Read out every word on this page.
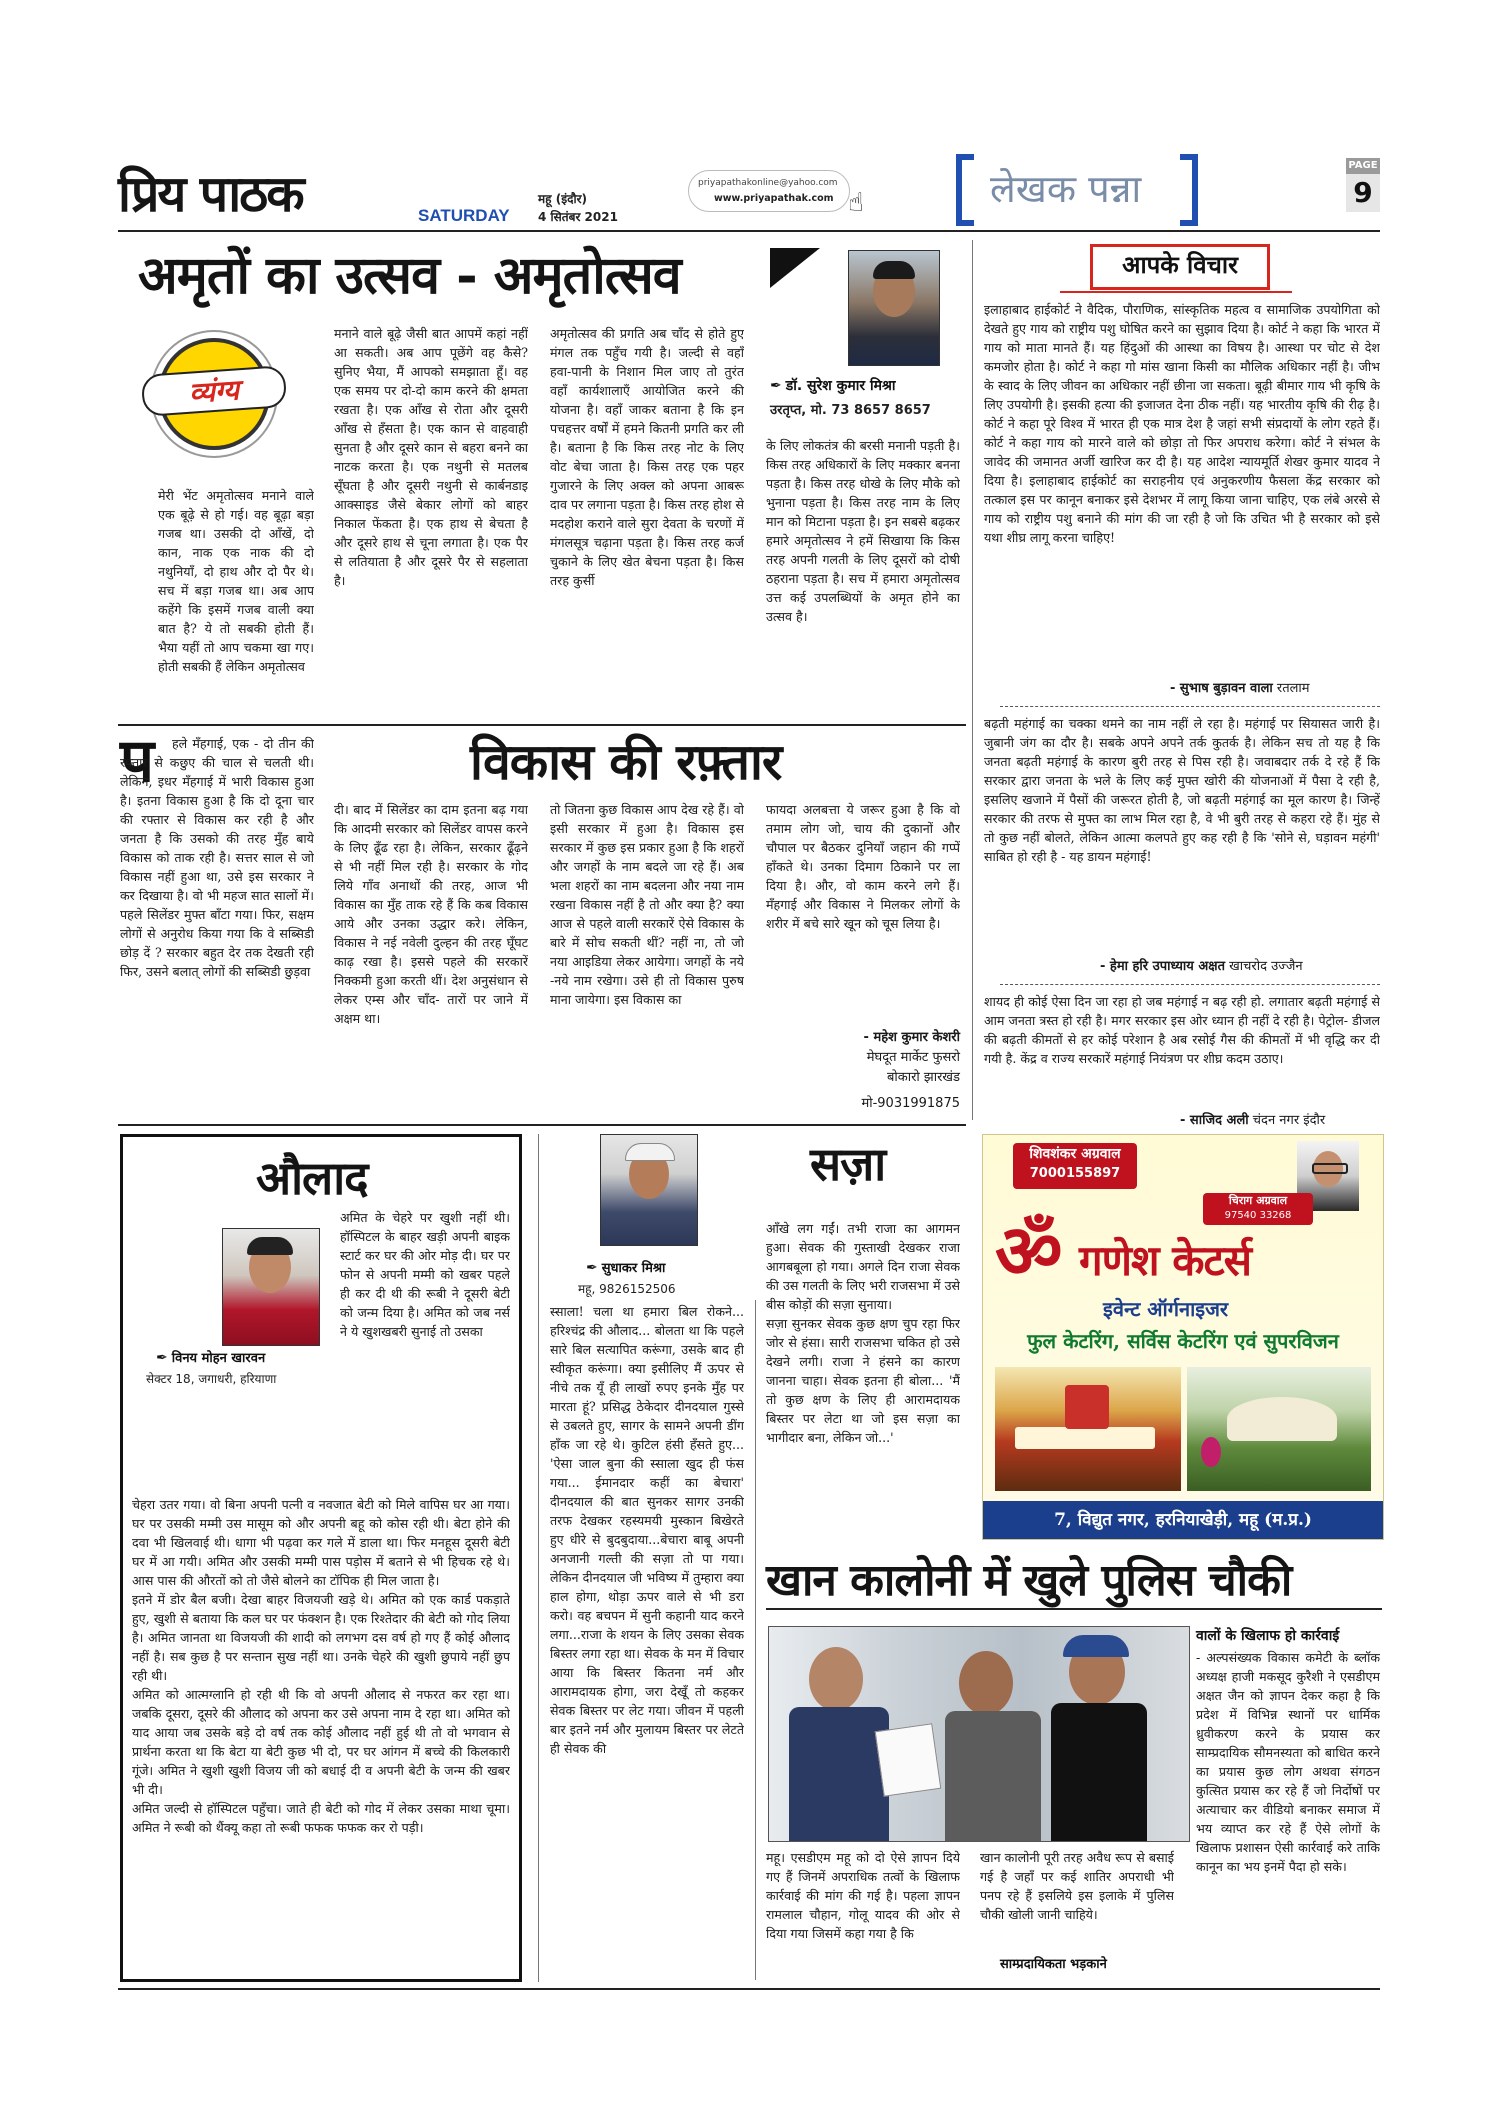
प्रिय पाठक	SATURDAY
महू (इंदौर)
4 सितंबर 2021
priyapathakonline@yahoo.com
www.priyapathak.com ☝	लेखक पन्ना
PAGE
9
अमृतों का उत्सव - अमृतोत्सव
व्यंग्य

मेरी भेंट अमृतोत्सव मनाने वाले एक बूढ़े से हो गई। वह बूढ़ा बड़ा गजब था। उसकी दो आँखें, दो कान, नाक एक नाक की दो नथुनियाँ, दो हाथ और दो पैर थे। सच में बड़ा गजब था। अब आप कहेंगे कि इसमें गजब वाली क्या बात है? ये तो सबकी होती हैं। भैया यहीं तो आप चकमा खा गए। होती सबकी हैं लेकिन अमृतोत्सव

मनाने वाले बूढ़े जैसी बात आपमें कहां नहीं आ सकती। अब आप पूछेंगे वह कैसे? सुनिए भैया, मैं आपको समझाता हूँ। वह एक समय पर दो-दो काम करने की क्षमता रखता है। एक आँख से रोता और दूसरी आँख से हँसता है। एक कान से वाहवाही सुनता है और दूसरे कान से बहरा बनने का नाटक करता है। एक नथुनी से मतलब सूँघता है और दूसरी नथुनी से कार्बनडाइ आक्साइड जैसे बेकार लोगों को बाहर निकाल फेंकता है। एक हाथ से बेचता है और दूसरे हाथ से चूना लगाता है। एक पैर से लतियाता है और दूसरे पैर से सहलाता है।

अमृतोत्सव की प्रगति अब चाँद से होते हुए मंगल तक पहुँच गयी है। जल्दी से वहाँ हवा-पानी के निशान मिल जाए तो तुरंत वहाँ कार्यशालाएँ आयोजित करने की योजना है। वहाँ जाकर बताना है कि इन पचहत्तर वर्षों में हमने कितनी प्रगति कर ली है। बताना है कि किस तरह नोट के लिए वोट बेचा जाता है। किस तरह एक पहर गुजारने के लिए अक्ल को अपना आबरू दाव पर लगाना पड़ता है। किस तरह होश से मदहोश कराने वाले सुरा देवता के चरणों में मंगलसूत्र चढ़ाना पड़ता है। किस तरह कर्ज चुकाने के लिए खेत बेचना पड़ता है। किस तरह कुर्सी

✒ डॉ. सुरेश कुमार मिश्रा
उरतृप्त, मो. 73 8657 8657

के लिए लोकतंत्र की बरसी मनानी पड़ती है। किस तरह अधिकारों के लिए मक्कार बनना पड़ता है। किस तरह धोखे के लिए मौके को भुनाना पड़ता है। किस तरह नाम के लिए मान को मिटाना पड़ता है। इन सबसे बढ़कर हमारे अमृतोत्सव ने हमें सिखाया कि किस तरह अपनी गलती के लिए दूसरों को दोषी ठहराना पड़ता है। सच में हमारा अमृतोत्सव उत्त कई उपलब्धियों के अमृत होने का उत्सव है।

आपके विचार

इलाहाबाद हाईकोर्ट ने वैदिक, पौराणिक, सांस्कृतिक महत्व व सामाजिक उपयोगिता को देखते हुए गाय को राष्ट्रीय पशु घोषित करने का सुझाव दिया है। कोर्ट ने कहा कि भारत में गाय को माता मानते हैं। यह हिंदुओं की आस्था का विषय है। आस्था पर चोट से देश कमजोर होता है। कोर्ट ने कहा गो मांस खाना किसी का मौलिक अधिकार नहीं है। जीभ के स्वाद के लिए जीवन का अधिकार नहीं छीना जा सकता। बूढ़ी बीमार गाय भी कृषि के लिए उपयोगी है। इसकी हत्या की इजाजत देना ठीक नहीं। यह भारतीय कृषि की रीढ़ है। कोर्ट ने कहा पूरे विश्व में भारत ही एक मात्र देश है जहां सभी संप्रदायों के लोग रहते हैं। कोर्ट ने कहा गाय को मारने वाले को छोड़ा तो फिर अपराध करेगा। कोर्ट ने संभल के जावेद की जमानत अर्जी खारिज कर दी है। यह आदेश न्यायमूर्ति शेखर कुमार यादव ने दिया है। इलाहाबाद हाईकोर्ट का सराहनीय एवं अनुकरणीय फैसला केंद्र सरकार को तत्काल इस पर कानून बनाकर इसे देशभर में लागू किया जाना चाहिए, एक लंबे अरसे से गाय को राष्ट्रीय पशु बनाने की मांग की जा रही है जो कि उचित भी है सरकार को इसे यथा शीघ्र लागू करना चाहिए!

- सुभाष बुड़ावन वाला रतलाम

बढ़ती महंगाई का चक्का थमने का नाम नहीं ले रहा है। महंगाई पर सियासत जारी है। जुबानी जंग का दौर है। सबके अपने अपने तर्क कुतर्क है। लेकिन सच तो यह है कि जनता बढ़ती महंगाई के कारण बुरी तरह से पिस रही है। जवाबदार तर्क दे रहे हैं कि सरकार द्वारा जनता के भले के लिए कई मुफ्त खोरी की योजनाओं में पैसा दे रही है, इसलिए खजाने में पैसों की जरूरत होती है, जो बढ़ती महंगाई का मूल कारण है। जिन्हें सरकार की तरफ से मुफ्त का लाभ मिल रहा है, वे भी बुरी तरह से कहरा रहे हैं। मुंह से तो कुछ नहीं बोलते, लेकिन आत्मा कलपते हुए कह रही है कि 'सोने से, घड़ावन महंगी' साबित हो रही है - यह डायन महंगाई!

- हेमा हरि उपाध्याय अक्षत खाचरोद उज्जैन

शायद ही कोई ऐसा दिन जा रहा हो जब महंगाई न बढ़ रही हो. लगातार बढ़ती महंगाई से आम जनता त्रस्त हो रही है। मगर सरकार इस ओर ध्यान ही नहीं दे रही है। पेट्रोल- डीजल की बढ़ती कीमतों से हर कोई परेशान है अब रसोई गैस की कीमतों में भी वृद्धि कर दी गयी है. केंद्र व राज्य सरकारें महंगाई नियंत्रण पर शीघ्र कदम उठाए।

- साजिद अली चंदन नगर इंदौर
विकास की रफ़्तार
प	हले मँहगाई, एक - दो तीन की रफ्तार से कछुए की चाल से चलती थी। लेकिन, इधर मँहगाई में भारी विकास हुआ है। इतना विकास हुआ है कि दो दूना चार की रफ्तार से विकास कर रही है और जनता है कि उसको की तरह मुँह बाये विकास को ताक रही है। सत्तर साल से जो विकास नहीं हुआ था, उसे इस सरकार ने कर दिखाया है। वो भी महज सात सालों में। पहले सिलेंडर मुफ्त बाँटा गया। फिर, सक्षम लोगों से अनुरोध किया गया कि वे सब्सिडी छोड़ दें ? सरकार बहुत देर तक देखती रही फिर, उसने बलात् लोगों की सब्सिडी छुड़वा

दी। बाद में सिलेंडर का दाम इतना बढ़ गया कि आदमी सरकार को सिलेंडर वापस करने के लिए ढूँढ रहा है। लेकिन, सरकार ढूँढ़ने से भी नहीं मिल रही है। सरकार के गोद लिये गाँव अनाथों की तरह, आज भी विकास का मुँह ताक रहे हैं कि कब विकास आये और उनका उद्धार करे। लेकिन, विकास ने नई नवेली दुल्हन की तरह घूँघट काढ़ रखा है। इससे पहले की सरकारें निक्कमी हुआ करती थीं। देश अनुसंधान से लेकर एम्स और चाँद- तारों पर जाने में अक्षम था।

तो जितना कुछ विकास आप देख रहे हैं। वो इसी सरकार में हुआ है। विकास इस सरकार में कुछ इस प्रकार हुआ है कि शहरों और जगहों के नाम बदले जा रहे हैं। अब भला शहरों का नाम बदलना और नया नाम रखना विकास नहीं है तो और क्या है? क्या आज से पहले वाली सरकारें ऐसे विकास के बारे में सोच सकती थीं? नहीं ना, तो जो नया आइडिया लेकर आयेगा। जगहों के नये -नये नाम रखेगा। उसे ही तो विकास पुरुष माना जायेगा। इस विकास का

फायदा अलबत्ता ये जरूर हुआ है कि वो तमाम लोग जो, चाय की दुकानों और चौपाल पर बैठकर दुनियाँ जहान की गप्पें हाँकते थे। उनका दिमाग ठिकाने पर ला दिया है। और, वो काम करने लगे हैं। मँहगाई और विकास ने मिलकर लोगों के शरीर में बचे सारे खून को चूस लिया है।

- महेश कुमार केशरी
मेघदूत मार्केट फुसरो
बोकारो झारखंड
मो-9031991875
औलाद
✒ विनय मोहन खारवन
सेक्टर 18, जगाधरी, हरियाणा

अमित के चेहरे पर खुशी नहीं थी। हॉस्पिटल के बाहर खड़ी अपनी बाइक स्टार्ट कर घर की ओर मोड़ दी। घर पर फोन से अपनी मम्मी को खबर पहले ही कर दी थी की रूबी ने दूसरी बेटी को जन्म दिया है। अमित को जब नर्स ने ये खुशखबरी सुनाई तो उसका

चेहरा उतर गया। वो बिना अपनी पत्नी व नवजात बेटी को मिले वापिस घर आ गया। घर पर उसकी मम्मी उस मासूम को और अपनी बहू को कोस रही थी। बेटा होने की दवा भी खिलवाई थी। धागा भी पढ़वा कर गले में डाला था। फिर मनहूस दूसरी बेटी घर में आ गयी। अमित और उसकी मम्मी पास पड़ोस में बताने से भी हिचक रहे थे। आस पास की औरतों को तो जैसे बोलने का टॉपिक ही मिल जाता है।
इतने में डोर बैल बजी। देखा बाहर विजयजी खड़े थे। अमित को एक कार्ड पकड़ाते हुए, खुशी से बताया कि कल घर पर फंक्शन है। एक रिश्तेदार की बेटी को गोद लिया है। अमित जानता था विजयजी की शादी को लगभग दस वर्ष हो गए हैं कोई औलाद नहीं है। सब कुछ है पर सन्तान सुख नहीं था। उनके चेहरे की खुशी छुपाये नहीं छुप रही थी।
अमित को आत्मग्लानि हो रही थी कि वो अपनी औलाद से नफरत कर रहा था। जबकि दूसरा, दूसरे की औलाद को अपना कर उसे अपना नाम दे रहा था। अमित को याद आया जब उसके बड़े दो वर्ष तक कोई औलाद नहीं हुई थी तो वो भगवान से प्रार्थना करता था कि बेटा या बेटी कुछ भी दो, पर घर आंगन में बच्चे की किलकारी गूंजे। अमित ने खुशी खुशी विजय जी को बधाई दी व अपनी बेटी के जन्म की खबर भी दी।
अमित जल्दी से हॉस्पिटल पहुँचा। जाते ही बेटी को गोद में लेकर उसका माथा चूमा। अमित ने रूबी को थैंक्यू कहा तो रूबी फफक फफक कर रो पड़ी।

✒ सुधाकर मिश्रा
महू, 9826152506
सज़ा

स्साला! चला था हमारा बिल रोकने... हरिश्चंद्र की औलाद... बोलता था कि पहले सारे बिल सत्यापित करूंगा, उसके बाद ही स्वीकृत करूंगा। क्या इसीलिए मैं ऊपर से नीचे तक यूँ ही लाखों रुपए इनके मुँह पर मारता हूं? प्रसिद्ध ठेकेदार दीनदयाल गुस्से से उबलते हुए, सागर के सामने अपनी डींग हाँक जा रहे थे। कुटिल हंसी हँसते हुए... 'ऐसा जाल बुना की स्साला खुद ही फंस गया... ईमानदार कहीं का बेचारा' दीनदयाल की बात सुनकर सागर उनकी तरफ देखकर रहस्यमयी मुस्कान बिखेरते हुए धीरे से बुदबुदाया...बेचारा बाबू अपनी अनजानी गल्ती की सज़ा तो पा गया। लेकिन दीनदयाल जी भविष्य में तुम्हारा क्या हाल होगा, थोड़ा ऊपर वाले से भी डरा करो। वह बचपन में सुनी कहानी याद करने लगा...राजा के शयन के लिए उसका सेवक बिस्तर लगा रहा था। सेवक के मन में विचार आया कि बिस्तर कितना नर्म और आरामदायक होगा, जरा देखूँ तो कहकर सेवक बिस्तर पर लेट गया। जीवन में पहली बार इतने नर्म और मुलायम बिस्तर पर लेटते ही सेवक की

आँखे लग गईं। तभी राजा का आगमन हुआ। सेवक की गुस्ताखी देखकर राजा आगबबूला हो गया। अगले दिन राजा सेवक की उस गलती के लिए भरी राजसभा में उसे बीस कोड़ों की सज़ा सुनाया।
सज़ा सुनकर सेवक कुछ क्षण चुप रहा फिर जोर से हंसा। सारी राजसभा चकित हो उसे देखने लगी। राजा ने हंसने का कारण जानना चाहा। सेवक इतना ही बोला... 'मैं तो कुछ क्षण के लिए ही आरामदायक बिस्तर पर लेटा था जो इस सज़ा का भागीदार बना, लेकिन जो...'

शिवशंकर अग्रवाल
7000155897
चिराग अग्रवाल
97540 33268
ॐ गणेश केटर्स
इवेन्ट ऑर्गनाइजर
फुल केटरिंग, सर्विस केटरिंग एवं सुपरविजन
7, विद्युत नगर, हरनियाखेड़ी, महू (म.प्र.)
खान कालोनी में खुले पुलिस चौकी
वालों के खिलाफ हो कार्रवाई

- अल्पसंख्यक विकास कमेटी के ब्लॉक अध्यक्ष हाजी मकसूद कुरैशी ने एसडीएम अक्षत जैन को ज्ञापन देकर कहा है कि प्रदेश में विभिन्न स्थानों पर धार्मिक ध्रुवीकरण करने के प्रयास कर साम्प्रदायिक सौमनस्यता को बाधित करने का प्रयास कुछ लोग अथवा संगठन कुत्सित प्रयास कर रहे हैं जो निर्दोषों पर अत्याचार कर वीडियो बनाकर समाज में भय व्याप्त कर रहे हैं ऐसे लोगों के खिलाफ प्रशासन ऐसी कार्रवाई करे ताकि कानून का भय इनमें पैदा हो सके।

महू। एसडीएम महू को दो ऐसे ज्ञापन दिये गए हैं जिनमें अपराधिक तत्वों के खिलाफ कार्रवाई की मांग की गई है। पहला ज्ञापन रामलाल चौहान, गोलू यादव की ओर से दिया गया जिसमें कहा गया है कि

खान कालोनी पूरी तरह अवैध रूप से बसाई गई है जहाँ पर कई शातिर अपराधी भी पनप रहे हैं इसलिये इस इलाके में पुलिस चौकी खोली जानी चाहिये।

साम्प्रदायिकता भड़काने
